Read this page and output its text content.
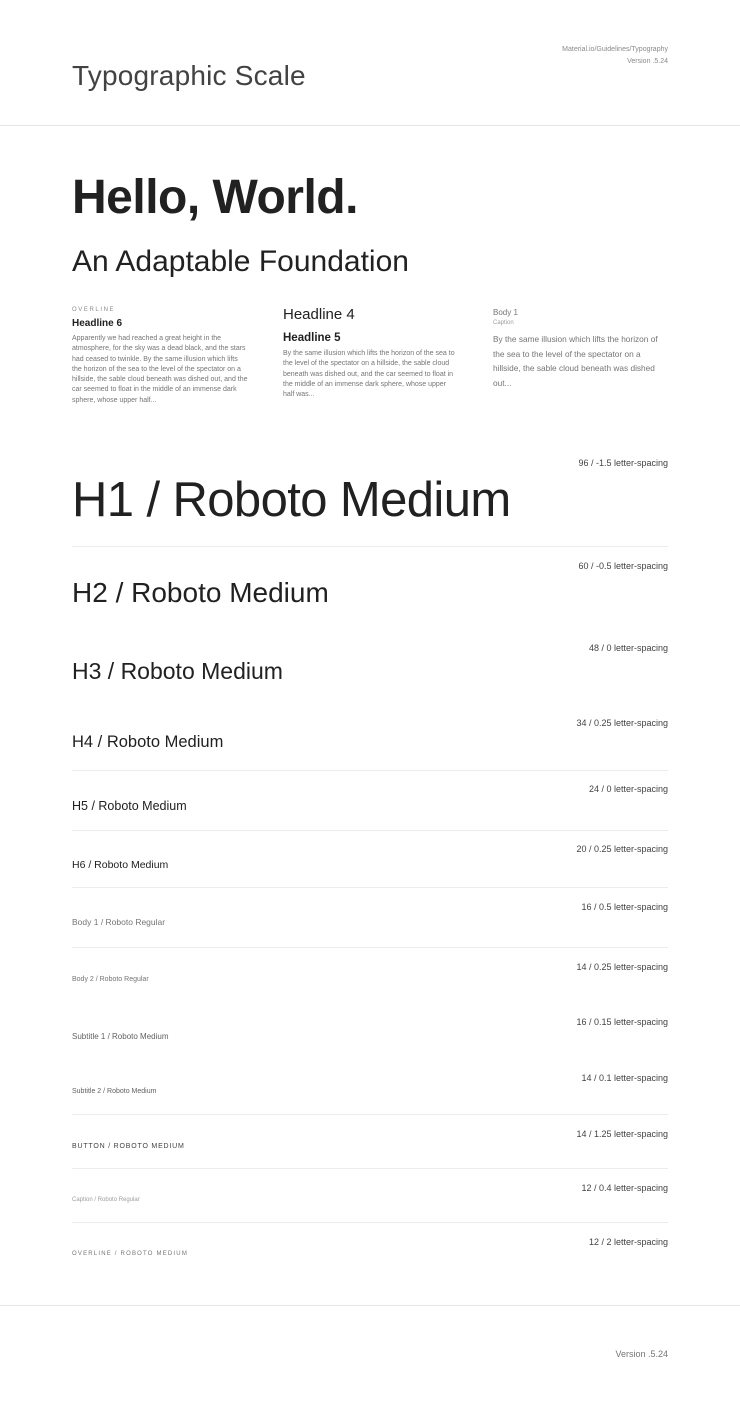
Typographic Scale
Material.io/Guidelines/Typography
Version .5.24
Hello, World.
An Adaptable Foundation
OVERLINE
Headline 6
Apparently we had reached a great height in the atmosphere, for the sky was a dead black, and the stars had ceased to twinkle. By the same illusion which lifts the horizon of the sea to the level of the spectator on a hillside, the sable cloud beneath was dished out, and the car seemed to float in the middle of an immense dark sphere, whose upper half...
Headline 4
Headline 5
By the same illusion which lifts the horizon of the sea to the level of the spectator on a hillside, the sable cloud beneath was dished out, and the car seemed to float in the middle of an immense dark sphere, whose upper half was...
Body 1
Caption
By the same illusion which lifts the horizon of the sea to the level of the spectator on a hillside, the sable cloud beneath was dished out...
96 / -1.5 letter-spacing
H1 / Roboto Medium
60 / -0.5 letter-spacing
H2 / Roboto Medium
48 / 0 letter-spacing
H3 / Roboto Medium
34 / 0.25 letter-spacing
H4 / Roboto Medium
24 / 0 letter-spacing
H5 / Roboto Medium
20 / 0.25 letter-spacing
H6 / Roboto Medium
16 / 0.5 letter-spacing
Body 1 / Roboto Regular
14 / 0.25 letter-spacing
Body 2 / Roboto Regular
16 / 0.15 letter-spacing
Subtitle 1 / Roboto Medium
14 / 0.1 letter-spacing
Subtitle 2 / Roboto Medium
14 / 1.25 letter-spacing
BUTTON / ROBOTO MEDIUM
12 / 0.4 letter-spacing
Caption / Roboto Regular
12 / 2 letter-spacing
OVERLINE / ROBOTO MEDIUM
Version .5.24
